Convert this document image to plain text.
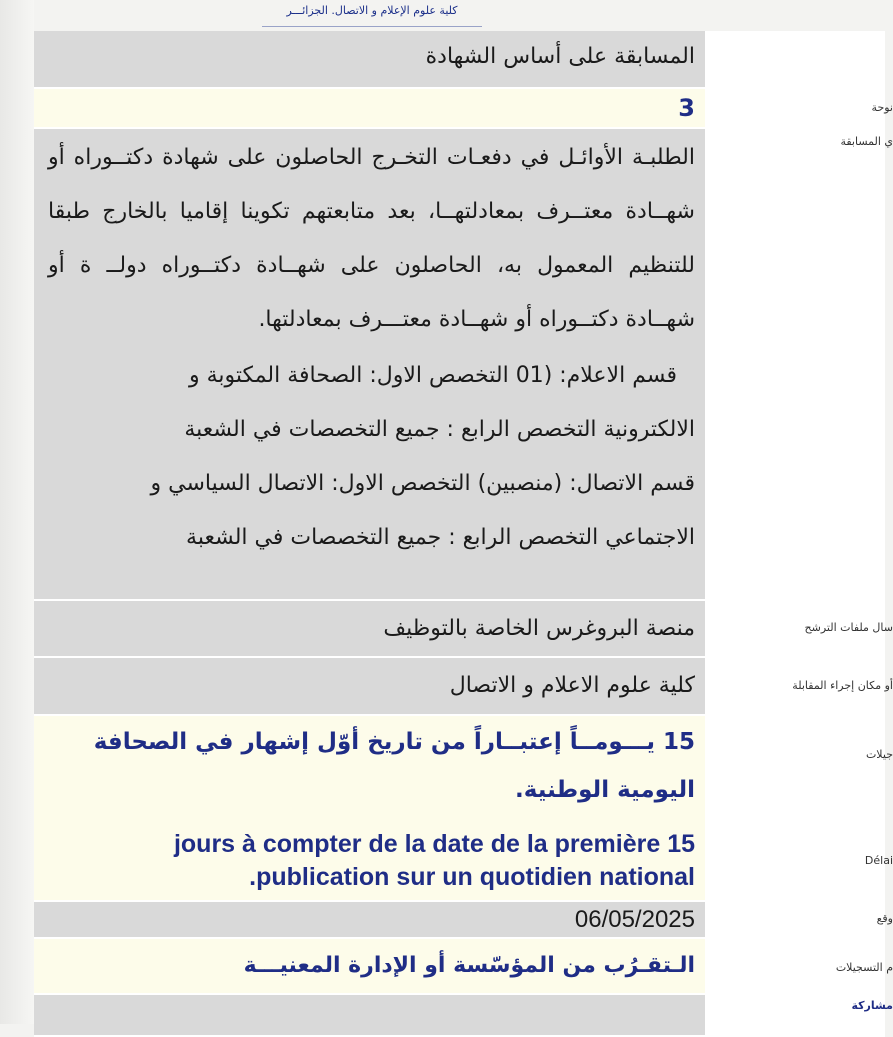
كلية علوم الإعلام و الاتصال. الجزائـــر
المسابقة على أساس الشهادة
نوحة
3
ي المسابقة
الطلبـة الأوائـل في دفعـات التخـرج الحاصلون على شهادة دكتــوراه أو شهــادة معتــرف بمعادلتهــا، بعد متابعتهم تكوينا إقاميا بالخارج طبقا للتنظيم المعمول به، الحاصلون على شهــادة دكتــوراه دولــ ة أو شهــادة دكتــوراه أو شهــادة معتـــرف بمعادلتها.
قسم الاعلام: (01 التخصص الاول: الصحافة المكتوبة و
الالكترونية التخصص الرابع : جميع التخصصات في الشعبة
قسم الاتصال: (منصبين) التخصص الاول: الاتصال السياسي و
الاجتماعي التخصص الرابع : جميع التخصصات في الشعبة
سال ملفات الترشح
منصة البروغرس الخاصة بالتوظيف
أو مكان إجراء المقابلة
كلية علوم الاعلام و الاتصال
جيلات
Délai
15 يـــومــاً إعتبــاراً من تاريخ أوّل إشهار في الصحافة اليومية الوطنية.
jours à compter de la date de la première 15 .publication sur un quotidien national
وقع
06/05/2025
م التسجيلات
الـتقـرُب من المؤسّسة أو الإدارة المعنيـــة
مشاركة
